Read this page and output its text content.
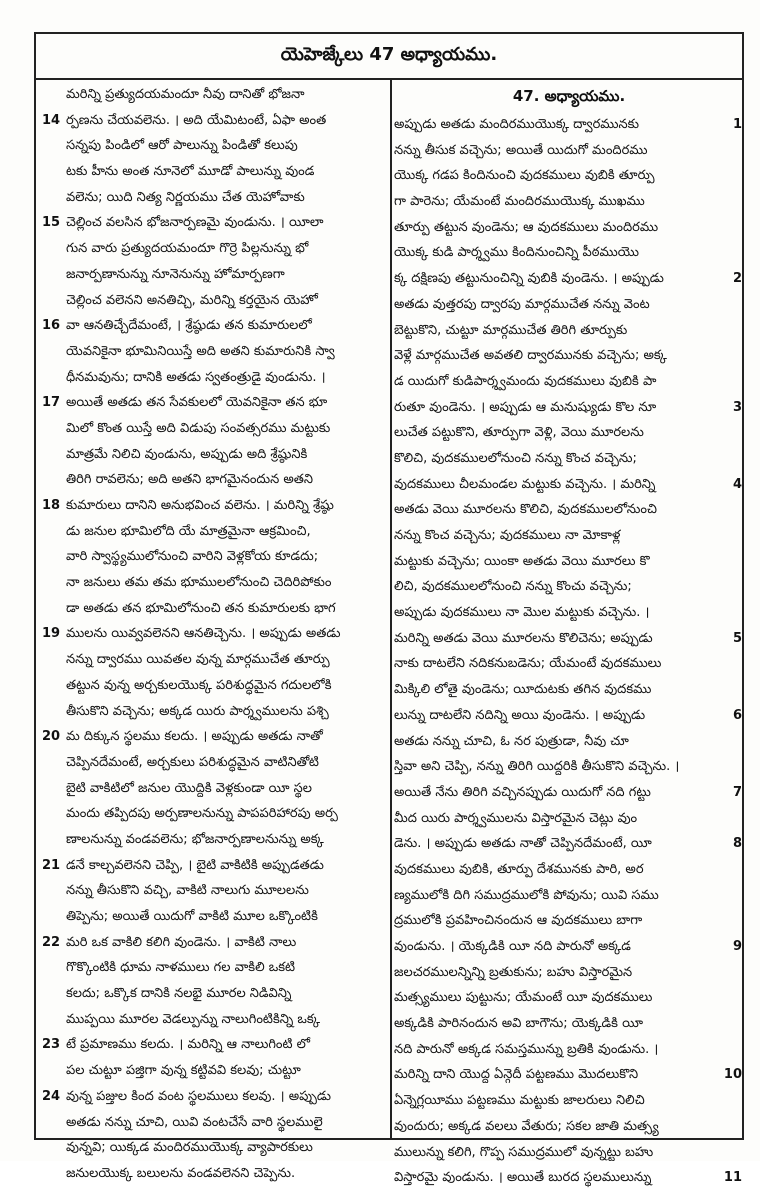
యెహెజ్కేలు 47 అధ్యాయము.
మరిన్ని ప్రత్యుదయమందూ నీవు దానితో భోజనా
14 ర్పణను చేయవలెను. । అది యేమిటంటే, ఏఫా అంత
సన్నపు పిండిలో ఆరో పాలున్ను పిండితో కలుపు
టకు హీను అంత నూనెలో మూడో పాలున్ను వుండ
వలెను; యిది నిత్య నిర్ణయము చేత యెహోవాకు
15 చెల్లించ వలసిన భోజనార్పణమై వుండును. । యీలా
గున వారు ప్రత్యుదయమందూ గొర్రె పిల్లనున్ను భో
జనార్పణానున్ను నూనెనున్ను హోమార్పణగా
చెల్లించ వలెనని అనతిచ్చి, మరిన్ని కర్తయైన యెహో
16 వా ఆనతిచ్చేదేమంటే, । శ్రేష్ఠుడు తన కుమారులలో
యెవనికైనా భూమినియిస్తే అది అతని కుమారునికి స్వా
ధీనమవును; దానికి అతడు స్వతంత్రుడై వుండును. ।
17 అయితే అతడు తన సేవకులలో యెవనికైనా తన భూ
మిలో కొంత యిస్తే అది విడుపు సంవత్సరము మట్టుకు
మాత్రమే నిలిచి వుండును, అప్పుడు అది శ్రేష్ఠునికి
తిరిగి రావలెను; అది అతని భాగమైనందున అతని
18 కుమారులు దానిని అనుభవించ వలెను. । మరిన్ని శ్రేష్ఠు
డు జనుల భూమిలోది యే మాత్రమైనా ఆక్రమించి,
వారి స్వాస్థ్యములోనుంచి వారిని వెళ్లకోయ కూడదు;
నా జనులు తమ తమ భూములలోనుంచి చెదిరిపోకుం
డా అతడు తన భూమిలోనుంచి తన కుమారులకు భాగ
19 ములను యివ్వవలెనని ఆనతిచ్చెను. । అప్పుడు అతడు
నన్ను ద్వారము యివతల వున్న మార్గముచేత తూర్పు
తట్టున వున్న అర్చకులయొక్క పరిశుద్ధమైన గదులలోకి
తీసుకొని వచ్చెను; అక్కడ యిరు పార్శ్వములను పశ్చి
20 మ దిక్కున స్థలము కలదు. । అప్పుడు అతడు నాతో
చెప్పినదేమంటే, అర్చకులు పరిశుద్ధమైన వాటినితోటి
బైటి వాకిటిలో జనుల యొద్దికి వెళ్లకుండా యీ స్థల
మందు తప్పిదపు అర్పణాలనున్ను పాపపరిహారపు అర్ప
ణాలనున్ను వండవలెను; భోజనార్పణాలనున్ను అక్క
21 డనే కాల్చవలెనని చెప్పి, । బైటి వాకిటికి అప్పుడతడు
నన్ను తీసుకొని వచ్చి, వాకిటి నాలుగు మూలలను
తిప్పెను; అయితే యిదుగో వాకిటి మూల ఒక్కొంటికి
22 మరి ఒక వాకిలి కలిగి వుండెను. । వాకిటి నాలు
గొక్కొంటికి ధూమ నాళములు గల వాకిలి ఒకటి
కలదు; ఒక్కొక దానికి నలభై మూరల నిడివిన్ని
ముప్పయి మూరల వెడల్పున్ను నాలుగింటికిన్ని ఒక్క
23 టే ప్రమాణము కలదు. । మరిన్ని ఆ నాలుగింటి లో
పల చుట్టూ పజ్తిగా వున్న కట్టివవి కలవు; చుట్టూ
24 వున్న పజ్తుల కింద వంట స్థలములు కలవు. । అప్పుడు
అతడు నన్ను చూచి, యివి వంటచేసే వారి స్థలములై
వున్నవి; యిక్కడ మందిరముయొక్క వ్యాపారకులు
జనులయొక్క బలులను వండవలెనని చెప్పెను.
47. అధ్యాయము.
1
అప్పుడు అతడు మందిరముయొక్క ద్వారమునకు
నన్ను తీసుక వచ్చెను; అయితే యిదుగో మందిరము
యొక్క గడప కిందినుంచి వుదకములు వుబికి తూర్పు
గా పారెను; యేమంటే మందిరముయొక్క ముఖము
తూర్పు తట్టున వుండెను; ఆ వుదకములు మందిరము
యొక్క కుడి పార్శ్వము కిందినుంచిన్ని పీఠముయొ
2
క్క దక్షిణపు తట్టునుంచిన్ని వుబికి వుండెను. । అప్పుడు
అతడు వుత్తరపు ద్వారపు మార్గముచేత నన్ను వెంట
బెట్టుకొని, చుట్టూ మార్గముచేత తిరిగి తూర్పుకు
వెళ్లే మార్గముచేత అవతలి ద్వారమునకు వచ్చెను; అక్క
డ యిదుగో కుడిపార్శ్వమందు వుదకములు వుబికి పా
3
రుతూ వుండెను. । అప్పుడు ఆ మనుష్యుడు కొల నూ
లుచేత పట్టుకొని, తూర్పుగా వెళ్లి, వెయి మూరలను
కొలిచి, వుదకములలోనుంచి నన్ను కొంచ వచ్చెను;
4
వుదకములు చీలమండల మట్టుకు వచ్చెను. । మరిన్ని
అతడు వెయి మూరలను కొలిచి, వుదకములలోనుంచి
నన్ను కొంచ వచ్చెను; వుదకములు నా మోకాళ్ల
మట్టుకు వచ్చెను; యింకా అతడు వెయి మూరలు కొ
లిచి, వుదకములలోనుంచి నన్ను కొంచు వచ్చెను;
అప్పుడు వుదకములు నా మొల మట్టుకు వచ్చెను. ।
5
మరిన్ని అతడు వెయి మూరలను కొలిచెను; అప్పుడు
నాకు దాటలేని నదికనుబడెను; యేమంటే వుదకములు
మిక్కిలి లోతై వుండెను; యీదుటకు తగిన వుదకము
6
లున్ను దాటలేని నదిన్ని అయి వుండెను. । అప్పుడు
అతడు నన్ను చూచి, ఓ నర పుత్రుడా, నీవు చూ
స్తివా అని చెప్పి, నన్ను తిరిగి యిద్దరికి తీసుకొని వచ్చెను. ।
7
అయితే నేను తిరిగి వచ్చినప్పుడు యిదుగో నది గట్టు
మీద యిరు పార్శ్వములను విస్తారమైన చెట్లు వుం
8
డెను. । అప్పుడు అతడు నాతో చెప్పినదేమంటే, యీ
వుదకములు వుబికి, తూర్పు దేశమునకు పారి, అర
ణ్యములోకి దిగి సముద్రములోకి పోవును; యివి సము
ద్రములోకి ప్రవహించినందున ఆ వుదకములు బాగా
9
వుండును. । యెక్కడికి యీ నది పారునో అక్కడ
జలచరములన్నిన్ని బ్రతుకును; బహు విస్తారమైన
మత్స్యములు పుట్టును; యేమంటే యీ వుదకములు
అక్కడికి పారినందున అవి బాగౌను; యెక్కడికి యీ
నది పారునో అక్కడ సమస్తమున్ను బ్రతికి వుండును. ।
10
మరిన్ని దాని యొద్ద ఏన్గెదీ పట్టణము మొదలుకొని
ఏన్నెగ్లయీము పట్టణము మట్టుకు జాలరులు నిలిచి
వుందురు; అక్కడ వలలు వేతురు; సకల జాతి మత్స్య
ములున్ను కలిగి, గొప్ప సముద్రములో వున్నట్టు బహు
11
విస్తారమై వుండును. । అయితే బురద స్థలములున్ను
